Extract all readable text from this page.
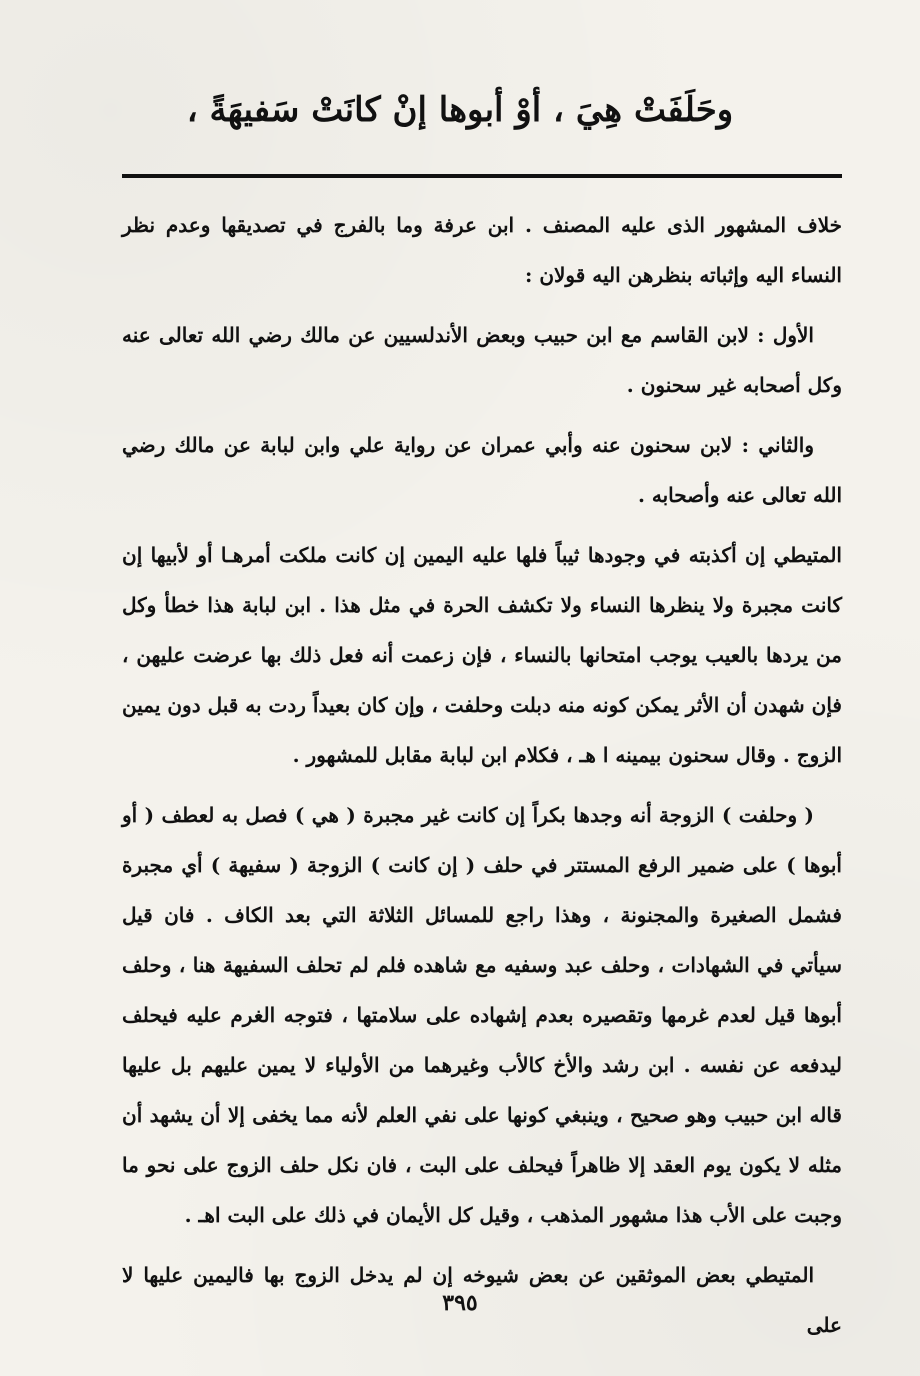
وحَلَفَتْ هِيَ ، أوْ أبوها إنْ كانَتْ سَفيهَةً ،

خلاف المشهور الذى عليه المصنف . ابن عرفة وما بالفرج في تصديقها وعدم نظر النساء اليه وإثباته بنظرهن اليه قولان :

الأول : لابن القاسم مع ابن حبيب وبعض الأندلسيين عن مالك رضي الله تعالى عنه وكل أصحابه غير سحنون .

والثاني : لابن سحنون عنه وأبي عمران عن رواية علي وابن لبابة عن مالك رضي الله تعالى عنه وأصحابه .

المتيطي إن أكذبته في وجودها ثيباً فلها عليه اليمين إن كانت ملكت أمرهـا أو لأبيها إن كانت مجبرة ولا ينظرها النساء ولا تكشف الحرة في مثل هذا . ابن لبابة هذا خطأ وكل من يردها بالعيب يوجب امتحانها بالنساء ، فإن زعمت أنه فعل ذلك بها عرضت عليهن ، فإن شهدن أن الأثر يمكن كونه منه دبلت وحلفت ، وإن كان بعيداً ردت به قبل دون يمين الزوج . وقال سحنون بيمينه ا هـ ، فكلام ابن لبابة مقابل للمشهور .

( وحلفت ) الزوجة أنه وجدها بكراً إن كانت غير مجبرة ( هي ) فصل به لعطف ( أو أبوها ) على ضمير الرفع المستتر في حلف ( إن كانت ) الزوجة ( سفيهة ) أي مجبرة فشمل الصغيرة والمجنونة ، وهذا راجع للمسائل الثلاثة التي بعد الكاف . فان قيل سيأتي في الشهادات ، وحلف عبد وسفيه مع شاهده فلم لم تحلف السفيهة هنا ، وحلف أبوها قيل لعدم غرمها وتقصيره بعدم إشهاده على سلامتها ، فتوجه الغرم عليه فيحلف ليدفعه عن نفسه . ابن رشد والأخ كالأب وغيرهما من الأولياء لا يمين عليهم بل عليها قاله ابن حبيب وهو صحيح ، وينبغي كونها على نفي العلم لأنه مما يخفى إلا أن يشهد أن مثله لا يكون يوم العقد إلا ظاهراً فيحلف على البت ، فان نكل حلف الزوج على نحو ما وجبت على الأب هذا مشهور المذهب ، وقيل كل الأيمان في ذلك على البت اهـ .

المتيطي بعض الموثقين عن بعض شيوخه إن لم يدخل الزوج بها فاليمين عليها لا على

٣٩٥
